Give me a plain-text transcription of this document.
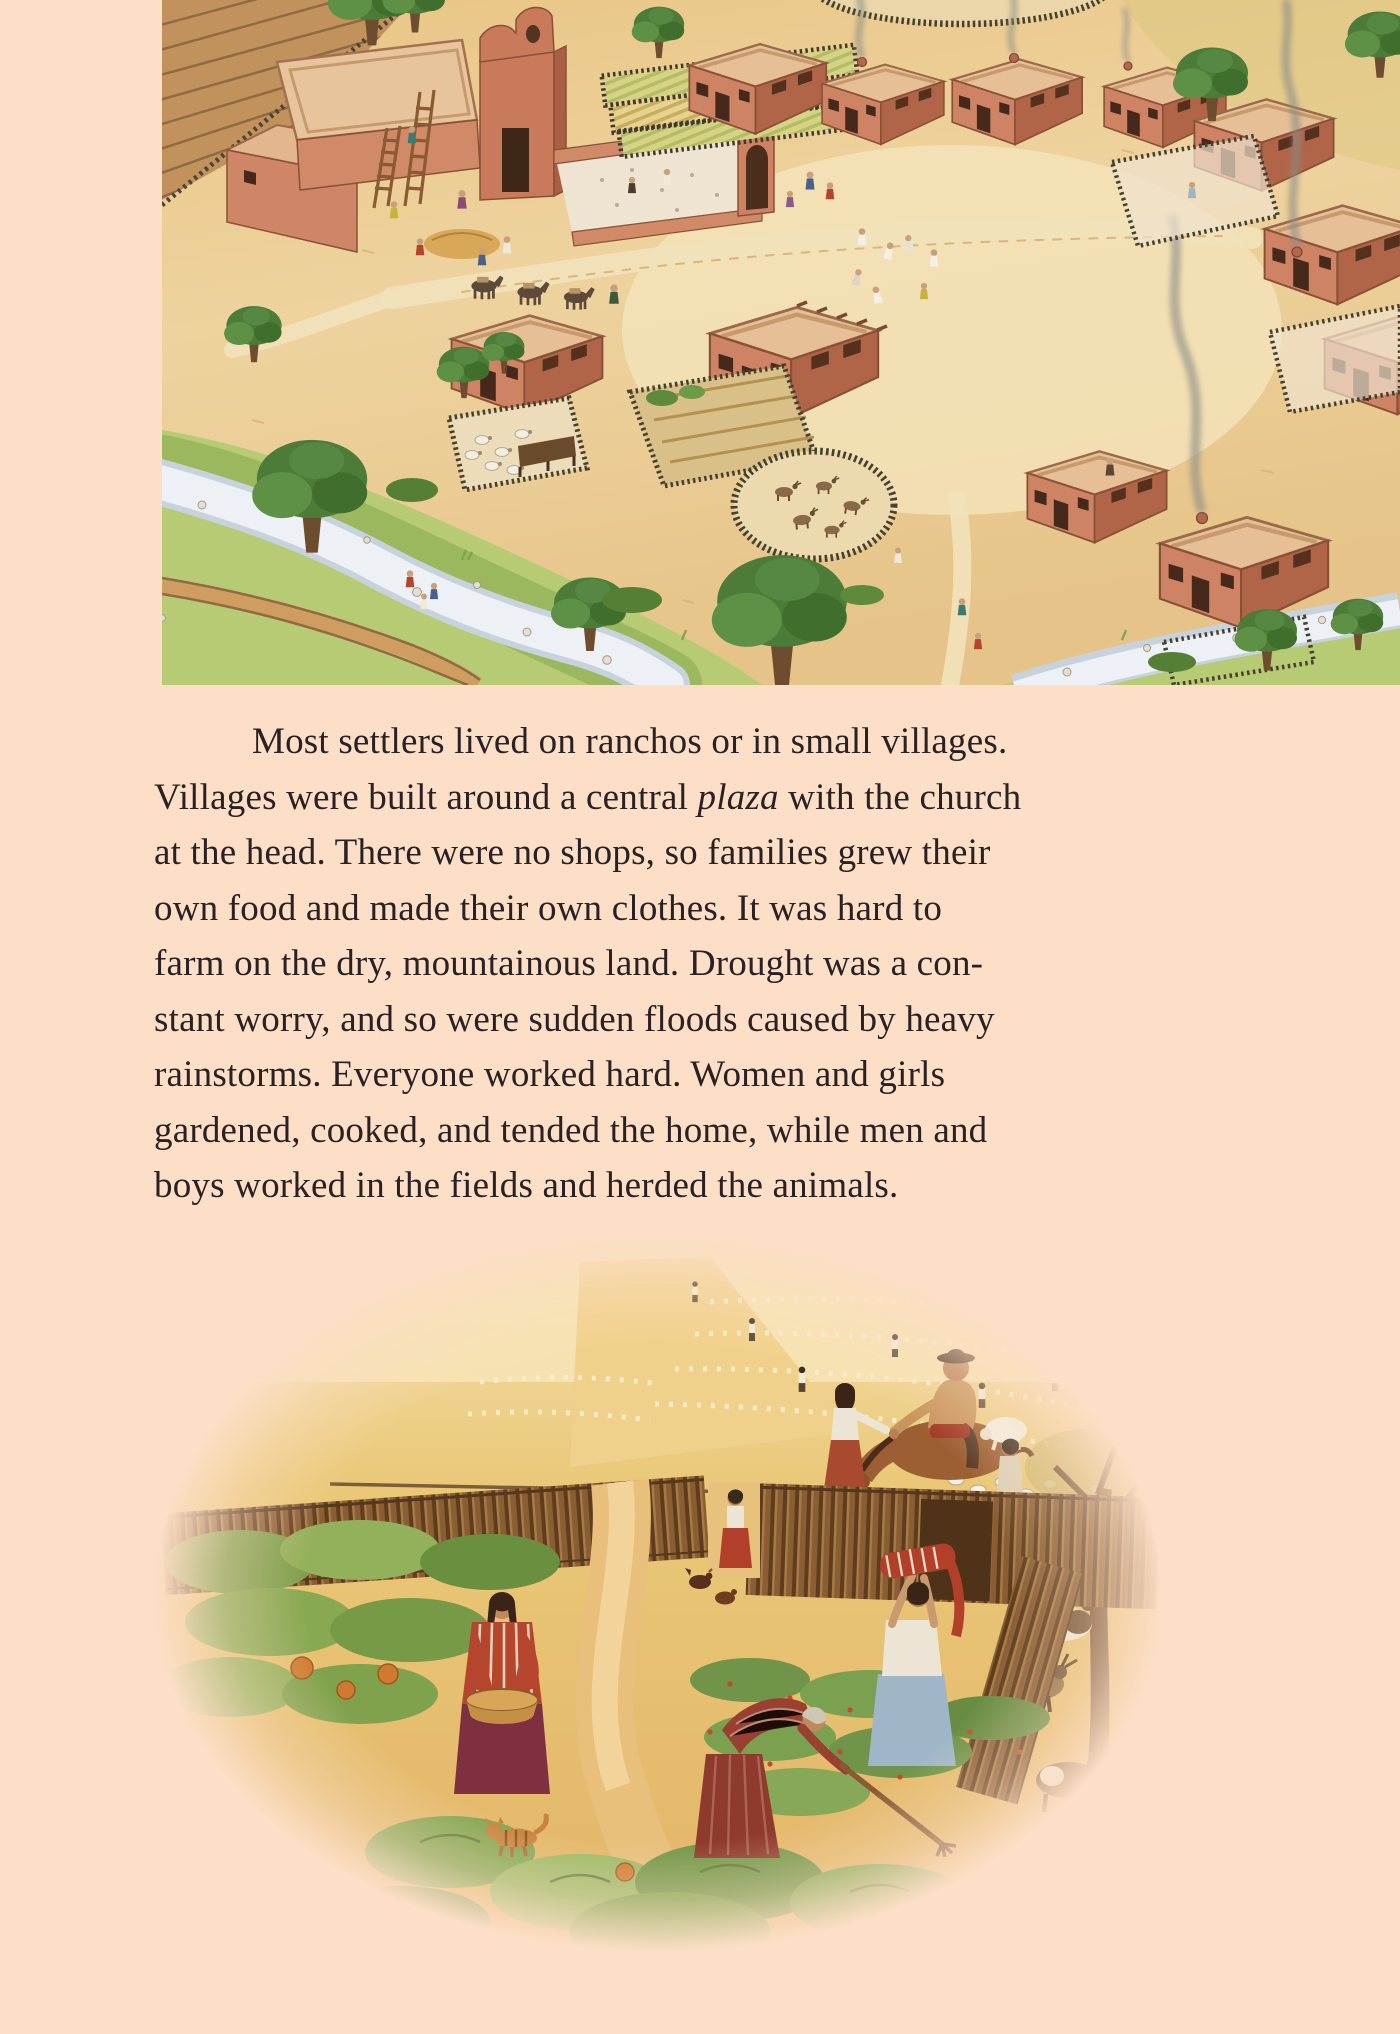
Most settlers lived on ranchos or in small villages.
Villages were built around a central plaza with the church
at the head. There were no shops, so families grew their
own food and made their own clothes. It was hard to
farm on the dry, mountainous land. Drought was a con-
stant worry, and so were sudden floods caused by heavy
rainstorms. Everyone worked hard. Women and girls
gardened, cooked, and tended the home, while men and
boys worked in the fields and herded the animals.
